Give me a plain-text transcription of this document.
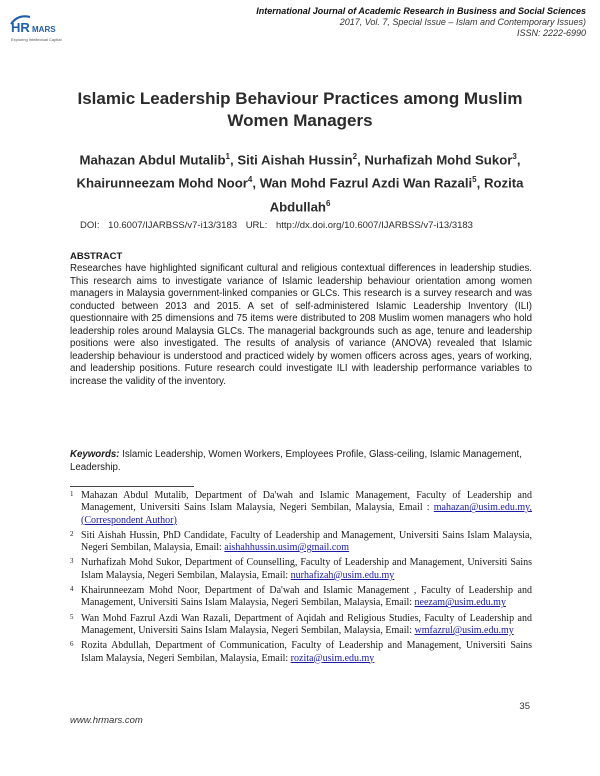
HR MARS
Exploring Intellectual Capital
International Journal of Academic Research in Business and Social Sciences
2017, Vol. 7, Special Issue – Islam and Contemporary Issues)
ISSN: 2222-6990
Islamic Leadership Behaviour Practices among Muslim Women Managers
Mahazan Abdul Mutalib$^1$, Siti Aishah Hussin$^2$, Nurhafizah Mohd Sukor$^3$, Khairunneezam Mohd Noor$^4$, Wan Mohd Fazrul Azdi Wan Razali$^5$, Rozita Abdullah$^6$
DOI: 10.6007/IJARBSS/v7-i13/3183 URL: http://dx.doi.org/10.6007/IJARBSS/v7-i13/3183
ABSTRACT
Researches have highlighted significant cultural and religious contextual differences in leadership studies. This research aims to investigate variance of Islamic leadership behaviour orientation among women managers in Malaysia government-linked companies or GLCs. This research is a survey research and was conducted between 2013 and 2015. A set of self-administered Islamic Leadership Inventory (ILI) questionnaire with 25 dimensions and 75 items were distributed to 208 Muslim women managers who hold leadership roles around Malaysia GLCs. The managerial backgrounds such as age, tenure and leadership positions were also investigated. The results of analysis of variance (ANOVA) revealed that Islamic leadership behaviour is understood and practiced widely by women officers across ages, years of working, and leadership positions. Future research could investigate ILI with leadership performance variables to increase the validity of the inventory.
Keywords: Islamic Leadership, Women Workers, Employees Profile, Glass-ceiling, Islamic Management, Leadership.
1 Mahazan Abdul Mutalib, Department of Da'wah and Islamic Management, Faculty of Leadership and Management, Universiti Sains Islam Malaysia, Negeri Sembilan, Malaysia, Email : mahazan@usim.edu.my, (Correspondent Author)
2 Siti Aishah Hussin, PhD Candidate, Faculty of Leadership and Management, Universiti Sains Islam Malaysia, Negeri Sembilan, Malaysia, Email: aishahhussin.usim@gmail.com
3 Nurhafizah Mohd Sukor, Department of Counselling, Faculty of Leadership and Management, Universiti Sains Islam Malaysia, Negeri Sembilan, Malaysia, Email: nurhafizah@usim.edu.my
4 Khairunneezam Mohd Noor, Department of Da'wah and Islamic Management , Faculty of Leadership and Management, Universiti Sains Islam Malaysia, Negeri Sembilan, Malaysia, Email: neezam@usim.edu.my
5 Wan Mohd Fazrul Azdi Wan Razali, Department of Aqidah and Religious Studies, Faculty of Leadership and Management, Universiti Sains Islam Malaysia, Negeri Sembilan, Malaysia, Email: wmfazrul@usim.edu.my
6 Rozita Abdullah, Department of Communication, Faculty of Leadership and Management, Universiti Sains Islam Malaysia, Negeri Sembilan, Malaysia, Email: rozita@usim.edu.my
35
www.hrmars.com
